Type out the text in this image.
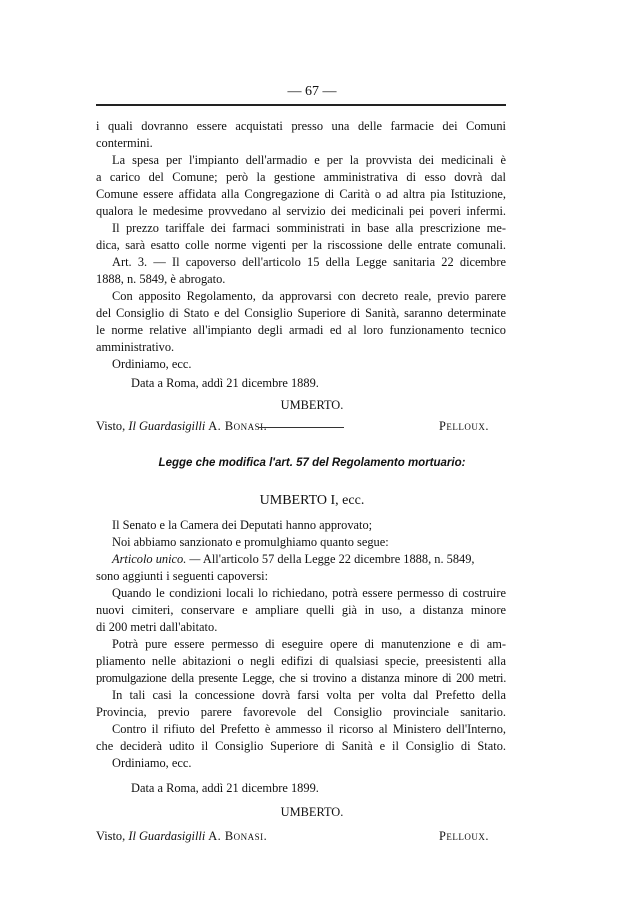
— 67 —

i quali dovranno essere acquistati presso una delle farmacie dei Comuni

contermini.

La spesa per l'impianto dell'armadio e per la provvista dei medicinali è

a carico del Comune; però la gestione amministrativa di esso dovrà dal

Comune essere affidata alla Congregazione di Carità o ad altra pia Istituzione,

qualora le medesime provvedano al servizio dei medicinali pei poveri infermi.

Il prezzo tariffale dei farmaci somministrati in base alla prescrizione me-

dica, sarà esatto colle norme vigenti per la riscossione delle entrate comunali.

Art. 3. — Il capoverso dell'articolo 15 della Legge sanitaria 22 dicembre

1888, n. 5849, è abrogato.

Con apposito Regolamento, da approvarsi con decreto reale, previo parere

del Consiglio di Stato e del Consiglio Superiore di Sanità, saranno determinate

le norme relative all'impianto degli armadi ed al loro funzionamento tecnico

amministrativo.

Ordiniamo, ecc.

Data a Roma, addì 21 dicembre 1889.

UMBERTO.

Visto, Il Guardasigilli A. Bonasi.	Pelloux.
Legge che modifica l'art. 57 del Regolamento mortuario:

UMBERTO I, ecc.

Il Senato e la Camera dei Deputati hanno approvato;

Noi abbiamo sanzionato e promulghiamo quanto segue:

Articolo unico. — All'articolo 57 della Legge 22 dicembre 1888, n. 5849,

sono aggiunti i seguenti capoversi:

Quando le condizioni locali lo richiedano, potrà essere permesso di costruire

nuovi cimiteri, conservare e ampliare quelli già in uso, a distanza minore

di 200 metri dall'abitato.

Potrà pure essere permesso di eseguire opere di manutenzione e di am-

pliamento nelle abitazioni o negli edifizi di qualsiasi specie, preesistenti alla

promulgazione della presente Legge, che si trovino a distanza minore di 200 metri.

In tali casi la concessione dovrà farsi volta per volta dal Prefetto della

Provincia, previo parere favorevole del Consiglio provinciale sanitario.

Contro il rifiuto del Prefetto è ammesso il ricorso al Ministero dell'Interno,

che deciderà udito il Consiglio Superiore di Sanità e il Consiglio di Stato.

Ordiniamo, ecc.

Data a Roma, addì 21 dicembre 1899.

UMBERTO.

Visto, Il Guardasigilli A. Bonasi.	Pelloux.
